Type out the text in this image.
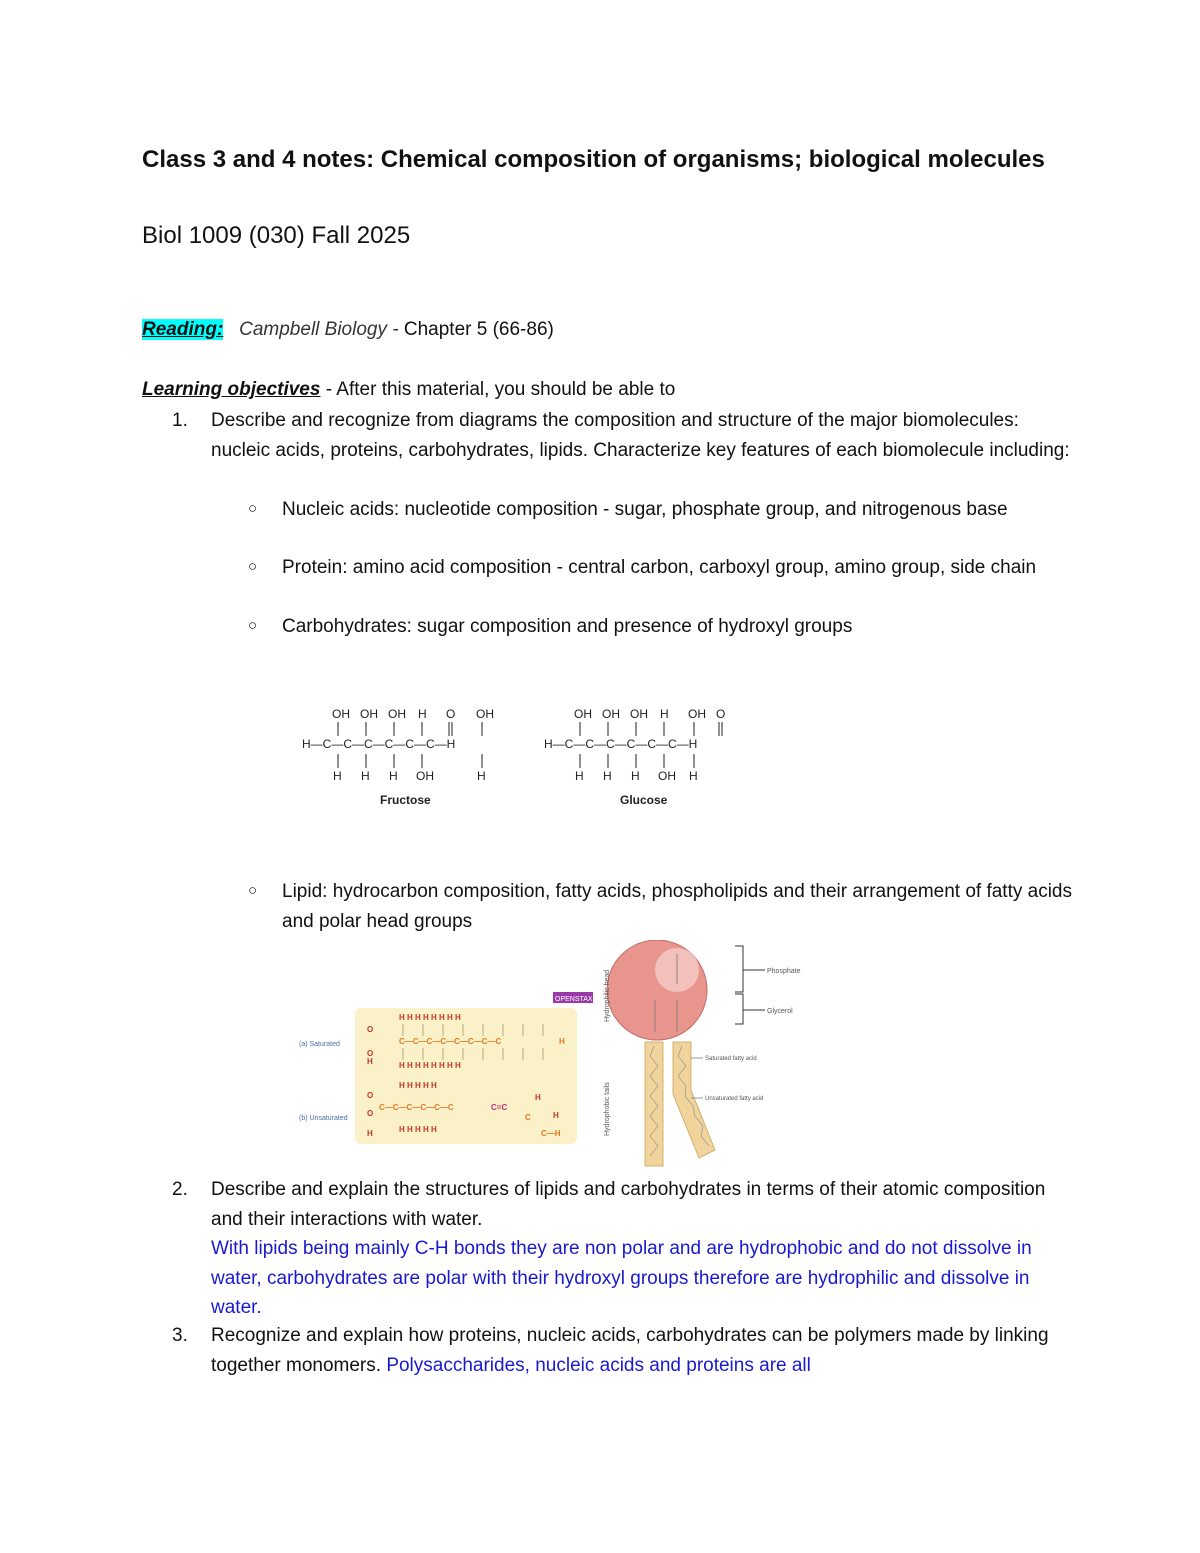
Class 3 and 4 notes: Chemical composition of organisms; biological molecules
Biol 1009 (030) Fall 2025
Reading: Campbell Biology - Chapter 5 (66-86)
Learning objectives - After this material, you should be able to
1.	Describe and recognize from diagrams the composition and structure of the major biomolecules: nucleic acids, proteins, carbohydrates, lipids. Characterize key features of each biomolecule including:
○ Nucleic acids: nucleotide composition - sugar, phosphate group, and nitrogenous base
○ Protein: amino acid composition - central carbon, carboxyl group, amino group, side chain
○ Carbohydrates: sugar composition and presence of hydroxyl groups
OH OH OH H O OH
H—C—C—C—C—C—C—H
H H H OH	H
Fructose
OH OH OH H OH O
H—C—C—C—C—C—C—H
H H H OH H
Glucose
○ Lipid: hydrocarbon composition, fatty acids, phospholipids and their arrangement of fatty acids and polar head groups
OPENSTAX
(a) Saturated
(b) Unsaturated
O
O
H
H H H H H H H H
C—C—C—C—C—C—C—C
H H H H H H H H
H
O
O
H
H H H H H
C—C—C—C—C—C
H H H H H
C=C
C
C—H
H
H
Phosphate
Glycerol
Hydrophilic head
Hydrophobic tails
Saturated fatty acid
Unsaturated fatty acid
2.	Describe and explain the structures of lipids and carbohydrates in terms of their atomic composition and their interactions with water.
With lipids being mainly C-H bonds they are non polar and are hydrophobic and do not dissolve in water, carbohydrates are polar with their hydroxyl groups therefore are hydrophilic and dissolve in water.
3.	Recognize and explain how proteins, nucleic acids, carbohydrates can be polymers made by linking together monomers. Polysaccharides, nucleic acids and proteins are all
